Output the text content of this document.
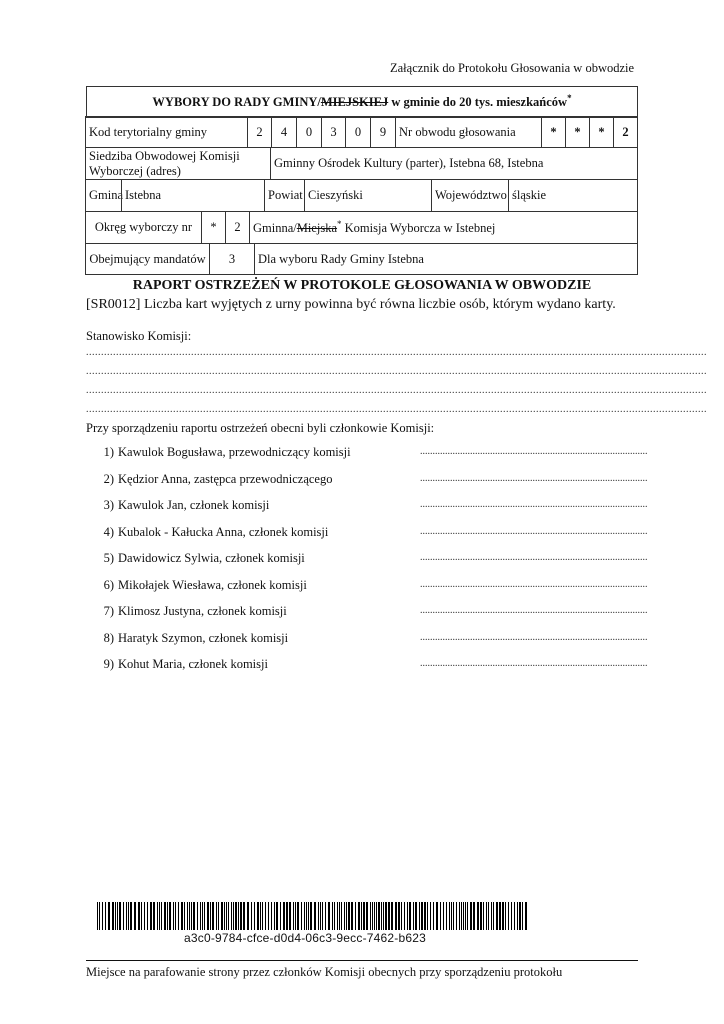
Załącznik do Protokołu Głosowania w obwodzie
WYBORY DO RADY GMINY/MIEJSKIEJ w gminie do 20 tys. mieszkańców*
Kod terytorialny gminy	2	4	0	3	0	9	Nr obwodu głosowania	*	*	*	2
Siedziba Obwodowej Komisji Wyborczej (adres)
Gminny Ośrodek Kultury (parter), Istebna 68, Istebna
Gmina Istebna	Powiat Cieszyński	Województwo śląskie
Okręg wyborczy nr	*	2 Gminna/Miejska* Komisja Wyborcza w Istebnej
Obejmujący mandatów	3	Dla wyboru Rady Gminy Istebna
RAPORT OSTRZEŻEŃ W PROTOKOLE GŁOSOWANIA W OBWODZIE
[SR0012] Liczba kart wyjętych z urny powinna być równa liczbie osób, którym wydano karty.
Stanowisko Komisji:
...............................................................................................................................................................................................................
...............................................................................................................................................................................................................
...............................................................................................................................................................................................................
...............................................................................................................................................................................................................
Przy sporządzeniu raportu ostrzeżeń obecni byli członkowie Komisji:
1) Kawulok Bogusława, przewodniczący komisji	...........................................................................................
2) Kędzior Anna, zastępca przewodniczącego	...........................................................................................
3) Kawulok Jan, członek komisji	...........................................................................................
4) Kubalok - Kałucka Anna, członek komisji	...........................................................................................
5) Dawidowicz Sylwia, członek komisji	...........................................................................................
6) Mikołajek Wiesława, członek komisji	...........................................................................................
7) Klimosz Justyna, członek komisji	...........................................................................................
8) Haratyk Szymon, członek komisji	...........................................................................................
9) Kohut Maria, członek komisji	...........................................................................................
a3c0-9784-cfce-d0d4-06c3-9ecc-7462-b623
Miejsce na parafowanie strony przez członków Komisji obecnych przy sporządzeniu protokołu
